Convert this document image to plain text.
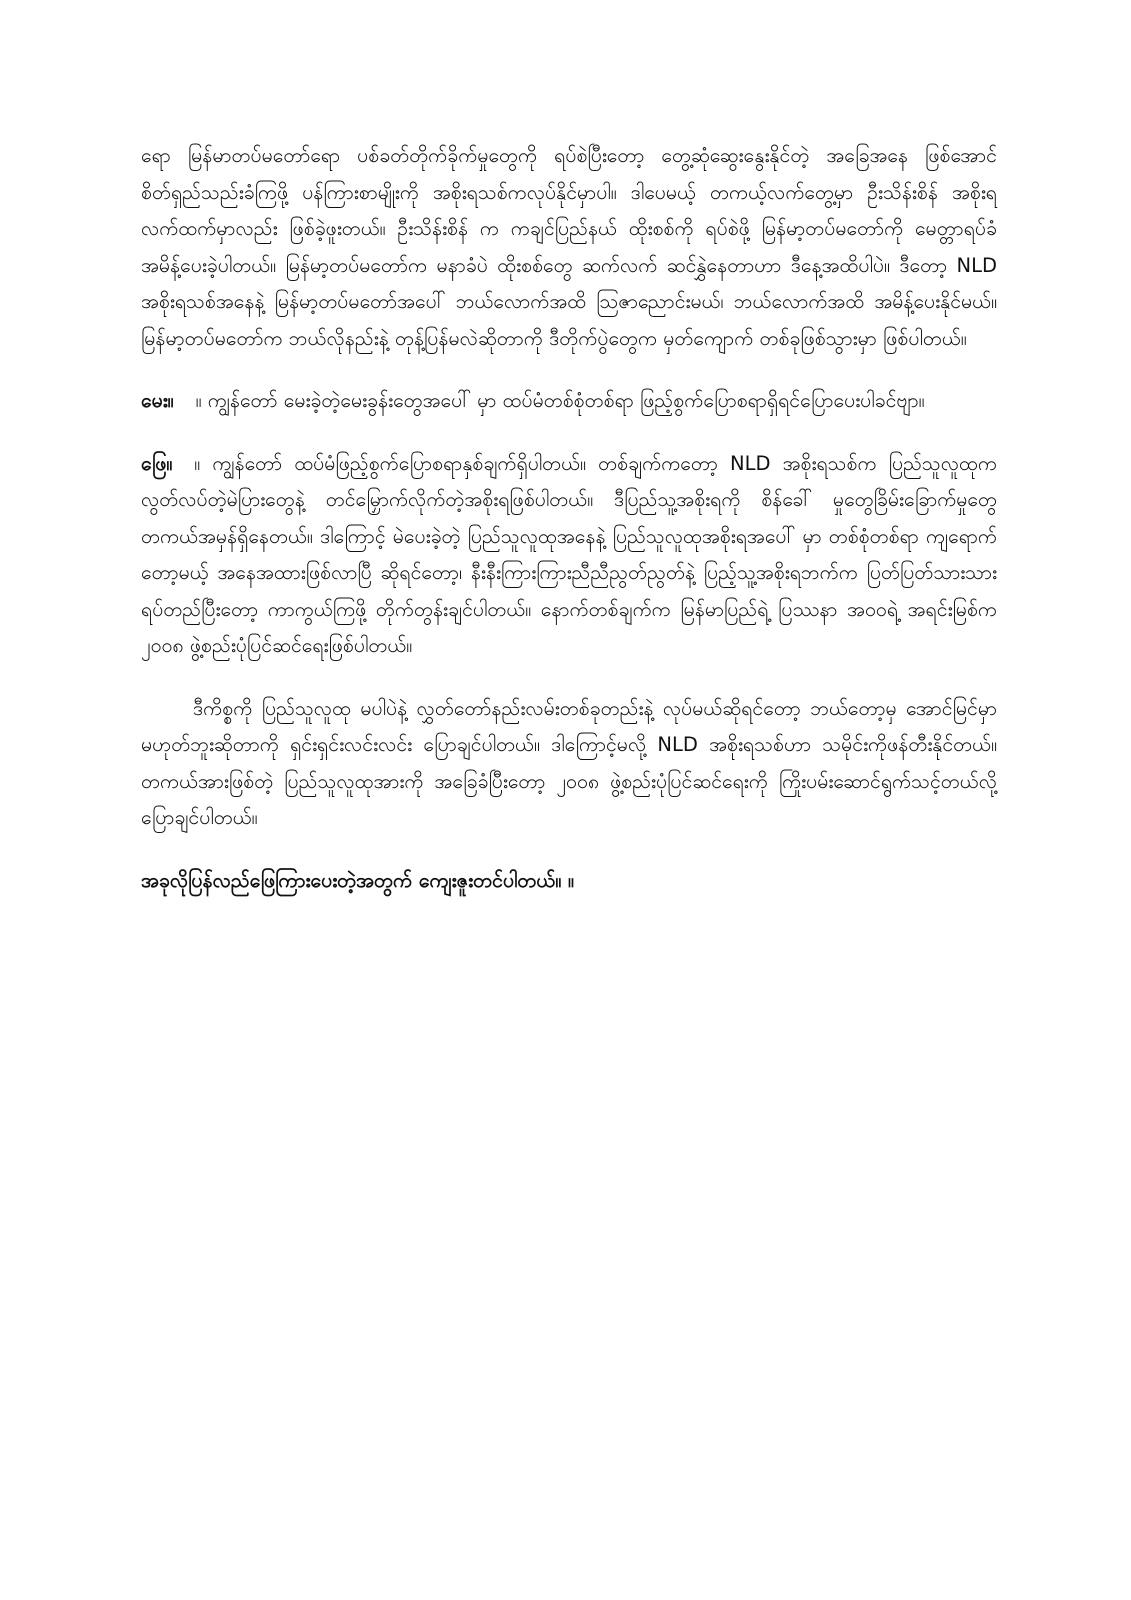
ရော မြန်မာတပ်မတော်ရော ပစ်ခတ်တိုက်ခိုက်မှုတွေကို ရပ်စဲပြီးတော့ တွေ့ဆုံဆွေးနွေးနိုင်တဲ့ အခြေအနေ ဖြစ်အောင် စိတ်ရှည်သည်းခံကြဖို့ ပန်ကြားစာမျိုးကို အစိုးရသစ်ကလုပ်နိုင်မှာပါ။ ဒါပေမယ့် တကယ့်လက်တွေ့မှာ ဦးသိန်းစိန် အစိုးရ လက်ထက်မှာလည်း ဖြစ်ခဲ့ဖူးတယ်။ ဦးသိန်းစိန် က ကချင်ပြည်နယ် ထိုးစစ်ကို ရပ်စဲဖို့ မြန်မာ့တပ်မတော်ကို မေတ္တာရပ်ခံ အမိန့်ပေးခဲ့ပါတယ်။ မြန်မာ့တပ်မတော်က မနာခံပဲ ထိုးစစ်တွေ ဆက်လက် ဆင်နွှဲနေတာဟာ ဒီနေ့အထိပါပဲ။ ဒီတော့ NLD အစိုးရသစ်အနေနဲ့ မြန်မာ့တပ်မတော်အပေါ် ဘယ်လောက်အထိ ဩဇာညောင်းမယ်၊ ဘယ်လောက်အထိ အမိန့်ပေးနိုင်မယ်။ မြန်မာ့တပ်မတော်က ဘယ်လိုနည်းနဲ့ တုန့်ပြန်မလဲဆိုတာကို ဒီတိုက်ပွဲတွေက မှတ်ကျောက် တစ်ခုဖြစ်သွားမှာ ဖြစ်ပါတယ်။

မေး။ ။ ကျွန်တော် မေးခဲ့တဲ့မေးခွန်းတွေအပေါ် မှာ ထပ်မံတစ်စုံတစ်ရာ ဖြည့်စွက်ပြောစရာရှိရင်ပြောပေးပါခင်ဗျာ။

ဖြေ။ ။ ကျွန်တော် ထပ်မံဖြည့်စွက်ပြောစရာနှစ်ချက်ရှိပါတယ်။ တစ်ချက်ကတော့ NLD အစိုးရသစ်က ပြည်သူလူထုက လွတ်လပ်တဲ့မဲပြားတွေနဲ့ တင်မြှောက်လိုက်တဲ့အစိုးရဖြစ်ပါတယ်။ ဒီပြည်သူ့အစိုးရကို စိန်ခေါ် မှုတွေခြိမ်းခြောက်မှုတွေ တကယ်အမှန်ရှိနေတယ်။ ဒါကြောင့် မဲပေးခဲ့တဲ့ ပြည်သူလူထုအနေနဲ့ ပြည်သူလူထုအစိုးရအပေါ် မှာ တစ်စုံတစ်ရာ ကျရောက်တော့မယ့် အနေအထားဖြစ်လာပြီ ဆိုရင်တော့၊ နီးနီးကြားကြားညီညီညွတ်ညွတ်နဲ့ ပြည့်သူ့အစိုးရဘက်က ပြတ်ပြတ်သားသားရပ်တည်ပြီးတော့ ကာကွယ်ကြဖို့ တိုက်တွန်းချင်ပါတယ်။ နောက်တစ်ချက်က မြန်မာပြည်ရဲ့ ပြဿနာ အဝဝရဲ့ အရင်းမြစ်က ၂၀၀၈ ဖွဲ့စည်းပုံပြင်ဆင်ရေးဖြစ်ပါတယ်။

ဒီကိစ္စကို ပြည်သူလူထု မပါပဲနဲ့ လွှတ်တော်နည်းလမ်းတစ်ခုတည်းနဲ့ လုပ်မယ်ဆိုရင်တော့ ဘယ်တော့မှ အောင်မြင်မှာ မဟုတ်ဘူးဆိုတာကို ရှင်းရှင်းလင်းလင်း ပြောချင်ပါတယ်။ ဒါကြောင့်မလို့ NLD အစိုးရသစ်ဟာ သမိုင်းကိုဖန်တီးနိုင်တယ်။ တကယ်အားဖြစ်တဲ့ ပြည်သူလူထုအားကို အခြေခံပြီးတော့ ၂၀၀၈ ဖွဲ့စည်းပုံပြင်ဆင်ရေးကို ကြိုးပမ်းဆောင်ရွက်သင့်တယ်လို့ပြောချင်ပါတယ်။

အခုလိုပြန်လည်ဖြေကြားပေးတဲ့အတွက် ကျေးဇူးတင်ပါတယ်။ ။
